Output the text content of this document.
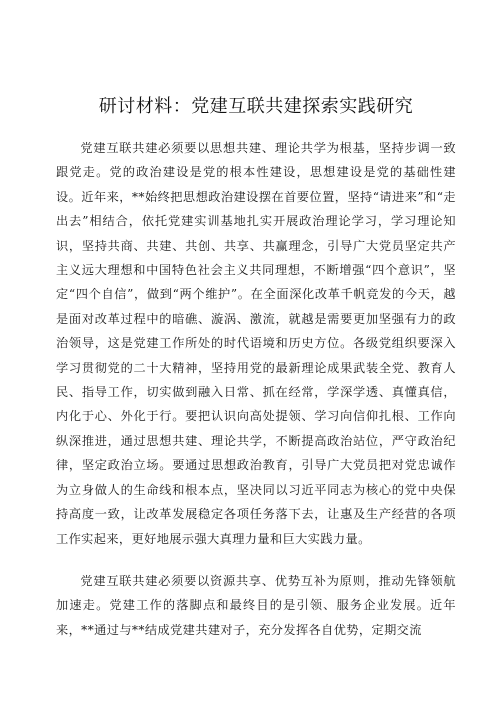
研讨材料：党建互联共建探索实践研究

党建互联共建必须要以思想共建、理论共学为根基，坚持步调一致跟党走。党的政治建设是党的根本性建设，思想建设是党的基础性建设。近年来，**始终把思想政治建设摆在首要位置，坚持“请进来”和“走出去”相结合，依托党建实训基地扎实开展政治理论学习，学习理论知识，坚持共商、共建、共创、共享、共赢理念，引导广大党员坚定共产主义远大理想和中国特色社会主义共同理想，不断增强“四个意识”，坚定“四个自信”，做到“两个维护”。在全面深化改革千帆竞发的今天，越是面对改革过程中的暗礁、漩涡、激流，就越是需要更加坚强有力的政治领导，这是党建工作所处的时代语境和历史方位。各级党组织要深入学习贯彻党的二十大精神，坚持用党的最新理论成果武装全党、教育人民、指导工作，切实做到融入日常、抓在经常，学深学透、真懂真信，内化于心、外化于行。要把认识向高处提领、学习向信仰扎根、工作向纵深推进，通过思想共建、理论共学，不断提高政治站位，严守政治纪律，坚定政治立场。要通过思想政治教育，引导广大党员把对党忠诚作为立身做人的生命线和根本点，坚决同以习近平同志为核心的党中央保持高度一致，让改革发展稳定各项任务落下去，让惠及生产经营的各项工作实起来，更好地展示强大真理力量和巨大实践力量。

党建互联共建必须要以资源共享、优势互补为原则，推动先锋领航加速走。党建工作的落脚点和最终目的是引领、服务企业发展。近年来，**通过与**结成党建共建对子，充分发挥各自优势，定期交流
